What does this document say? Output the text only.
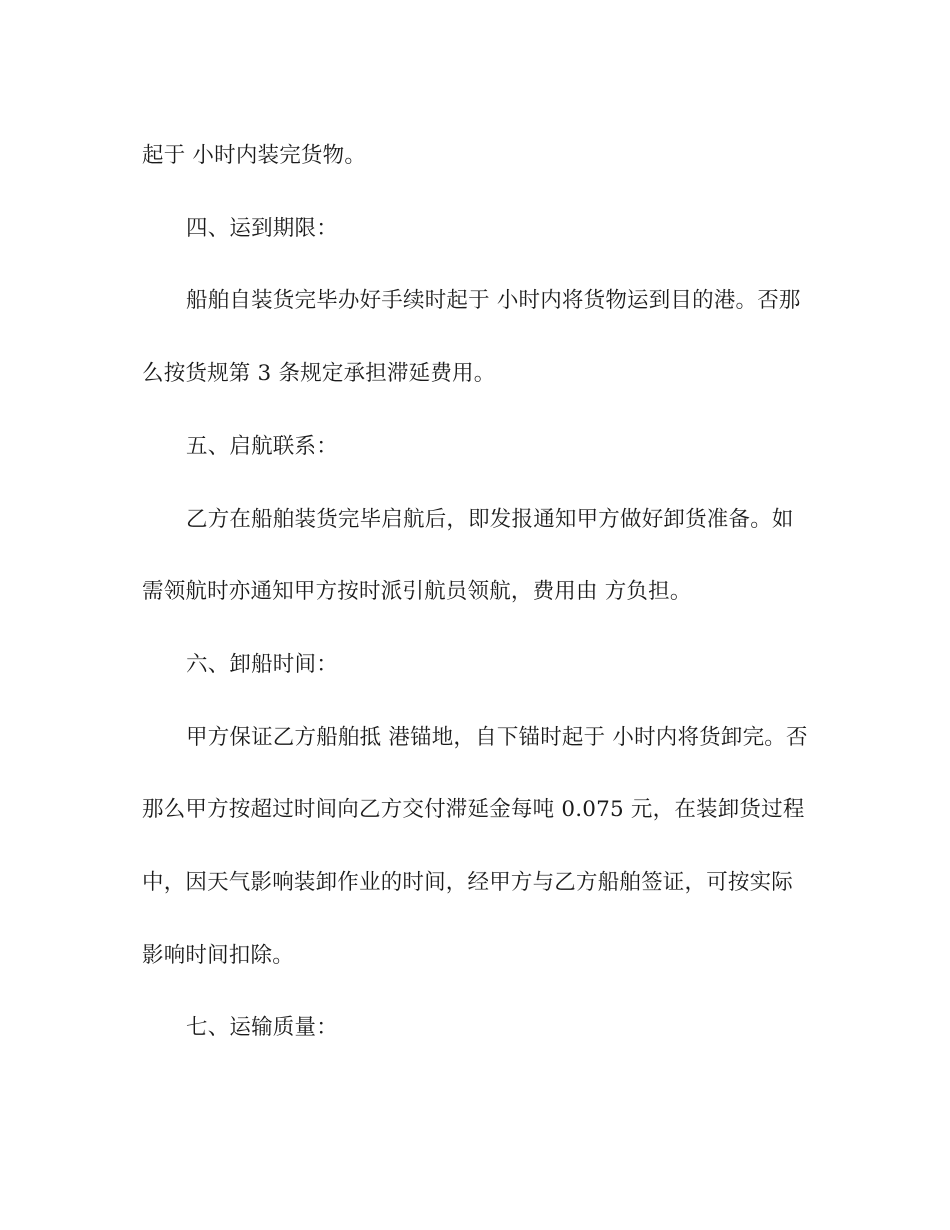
起于 小时内装完货物。
四、运到期限：
船舶自装货完毕办好手续时起于 小时内将货物运到目的港。否那
么按货规第 3 条规定承担滞延费用。
五、启航联系：
乙方在船舶装货完毕启航后，即发报通知甲方做好卸货准备。如
需领航时亦通知甲方按时派引航员领航，费用由 方负担。
六、卸船时间：
甲方保证乙方船舶抵 港锚地，自下锚时起于 小时内将货卸完。否
那么甲方按超过时间向乙方交付滞延金每吨 0.075 元，在装卸货过程
中，因天气影响装卸作业的时间，经甲方与乙方船舶签证，可按实际
影响时间扣除。
七、运输质量：
